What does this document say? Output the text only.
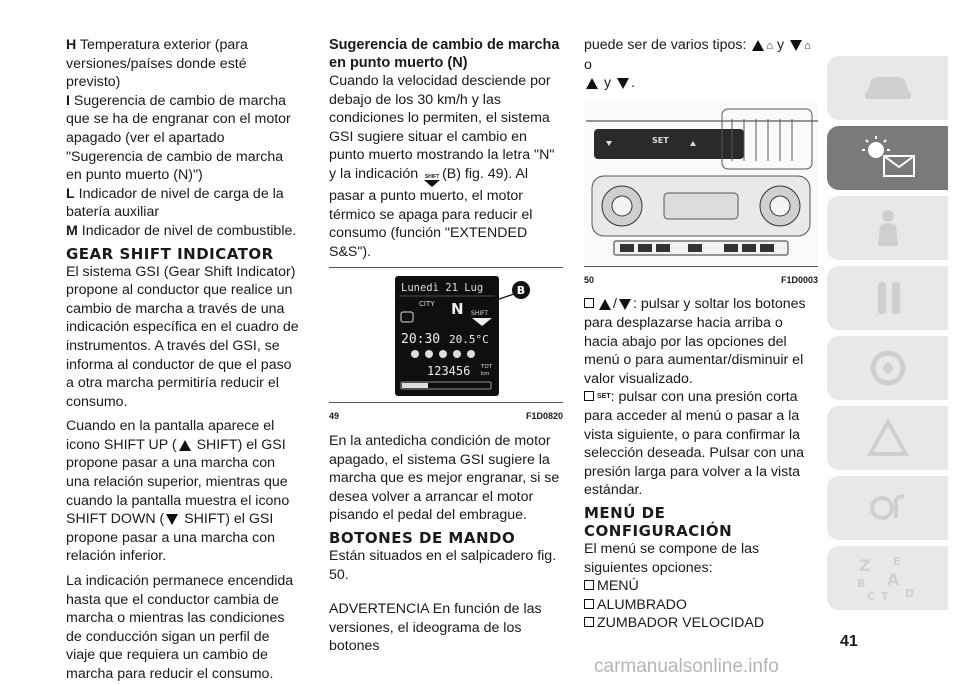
H Temperatura exterior (para versiones/países donde esté previsto)

I Sugerencia de cambio de marcha que se ha de engranar con el motor apagado (ver el apartado "Sugerencia de cambio de marcha en punto muerto (N)")

L Indicador de nivel de carga de la batería auxiliar

M Indicador de nivel de combustible.

GEAR SHIFT INDICATOR

El sistema GSI (Gear Shift Indicator) propone al conductor que realice un cambio de marcha a través de una indicación específica en el cuadro de instrumentos. A través del GSI, se informa al conductor de que el paso a otra marcha permitiría reducir el consumo.

Cuando en la pantalla aparece el icono SHIFT UP ( SHIFT) el GSI propone pasar a una marcha con una relación superior, mientras que cuando la pantalla muestra el icono SHIFT DOWN ( SHIFT) el GSI propone pasar a una marcha con relación inferior.

La indicación permanece encendida hasta que el conductor cambia de marcha o mientras las condiciones de conducción sigan un perfil de viaje que requiera un cambio de marcha para reducir el consumo.

Sugerencia de cambio de marcha en punto muerto (N)

Cuando la velocidad desciende por debajo de los 30 km/h y las condiciones lo permiten, el sistema GSI sugiere situar el cambio en punto muerto mostrando la letra "N" y la indicación SHIFT (B) fig. 49). Al pasar a punto muerto, el motor térmico se apaga para reducir el consumo (función "EXTENDED S&S").

Lunedì 21 Lug
CITY N SHIFT
20:30 20.5°C
123456 TOT
km
B
49	F1D0820

En la antedicha condición de motor apagado, el sistema GSI sugiere la marcha que es mejor engranar, si se desea volver a arrancar el motor pisando el pedal del embrague.

BOTONES DE MANDO

Están situados en el salpicadero fig. 50.

ADVERTENCIA En función de las versiones, el ideograma de los botones

puede ser de varios tipos: ⌂ y ⌂ o
y .

SET
50	F1D0003

/ : pulsar y soltar los botones para desplazarse hacia arriba o hacia abajo por las opciones del menú o para aumentar/disminuir el valor visualizado.

$^{SET}$: pulsar con una presión corta para acceder al menú o pasar a la vista siguiente, o para confirmar la selección deseada. Pulsar con una presión larga para volver a la vista estándar.

MENÚ DE CONFIGURACIÓN

El menú se compone de las siguientes opciones:

MENÚ
ALUMBRADO
ZUMBADOR VELOCIDAD
Z E
B A
C T D
41
carmanualsonline.info
